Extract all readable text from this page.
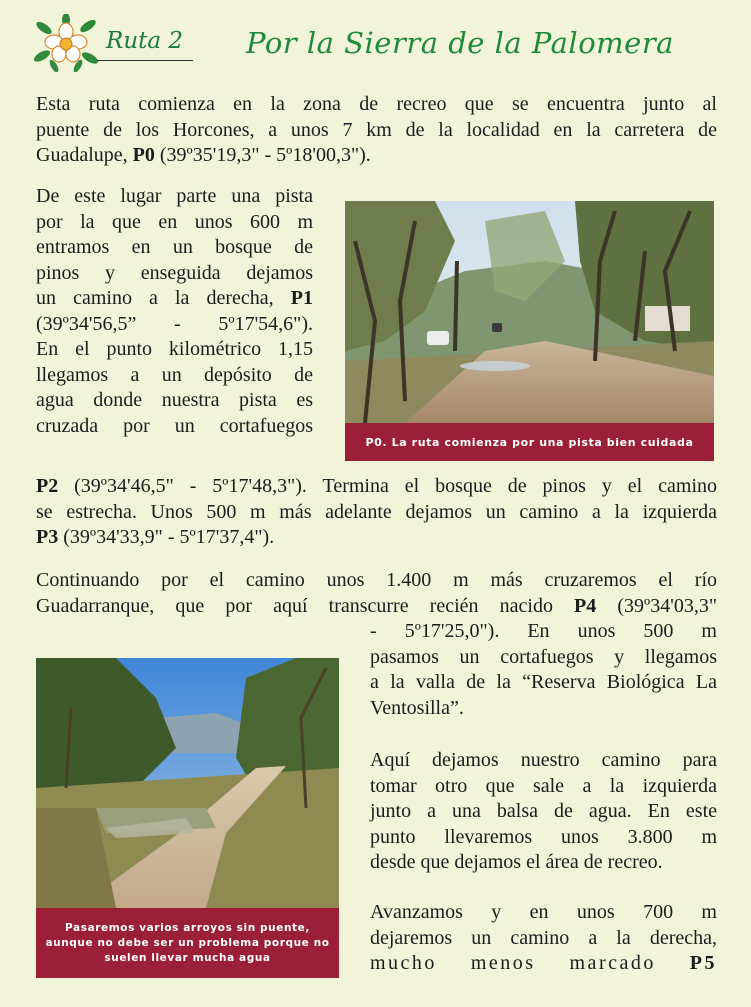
Ruta 2 Por la Sierra de la Palomera
Esta ruta comienza en la zona de recreo que se encuentra junto al
puente de los Horcones, a unos 7 km de la localidad en la carretera de
Guadalupe, P0 (39º35'19,3" - 5º18'00,3").
De este lugar parte una pista
por la que en unos 600 m
entramos en un bosque de
pinos y enseguida dejamos
un camino a la derecha, P1
(39º34'56,5” - 5º17'54,6").
En el punto kilométrico 1,15
llegamos a un depósito de
agua donde nuestra pista es
cruzada por un cortafuegos
P2 (39º34'46,5" - 5º17'48,3"). Termina el bosque de pinos y el camino
se estrecha. Unos 500 m más adelante dejamos un camino a la izquierda
P3 (39º34'33,9" - 5º17'37,4").
P0. La ruta comienza por una pista bien cuidada
Continuando por el camino unos 1.400 m más cruzaremos el río
Guadarranque, que por aquí transcurre recién nacido P4 (39º34'03,3"
- 5º17'25,0"). En unos 500 m
pasamos un cortafuegos y llegamos
a la valla de la “Reserva Biológica La
Ventosilla”.
Aquí dejamos nuestro camino para
tomar otro que sale a la izquierda
junto a una balsa de agua. En este
punto llevaremos unos 3.800 m
desde que dejamos el área de recreo.
Avanzamos y en unos 700 m
dejaremos un camino a la derecha,
mucho menos marcado P5
Pasaremos varios arroyos sin puente,
aunque no debe ser un problema porque no
suelen llevar mucha agua
